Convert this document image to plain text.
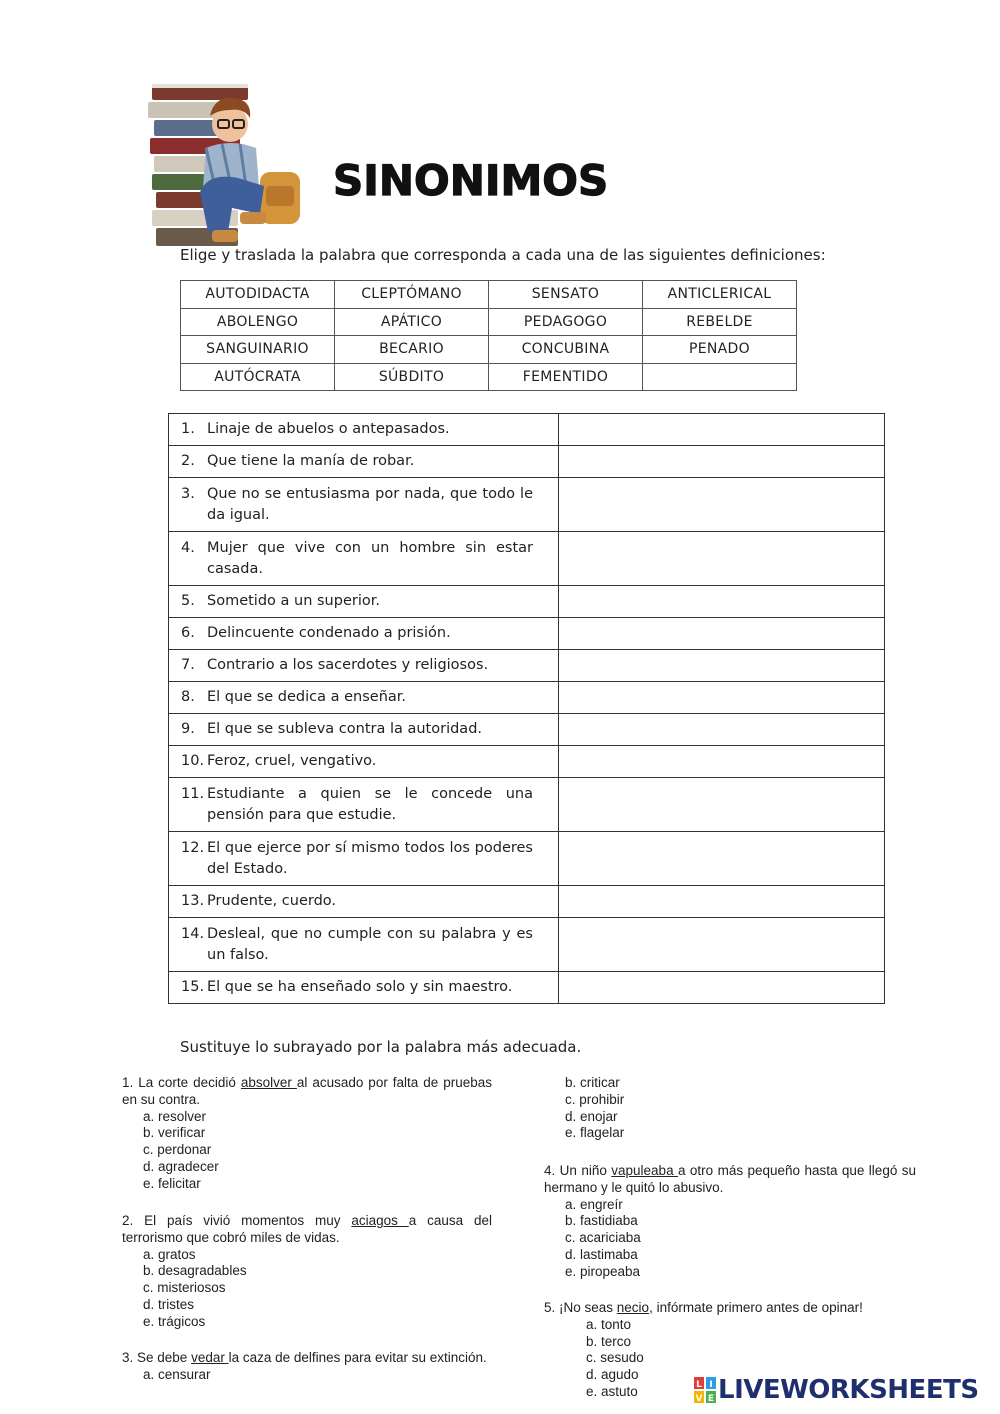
SINONIMOS
Elige y traslada la palabra que corresponda a cada una de las siguientes definiciones:
AUTODIDACTA	CLEPTÓMANO	SENSATO	ANTICLERICAL
ABOLENGO	APÁTICO	PEDAGOGO	REBELDE
SANGUINARIO	BECARIO	CONCUBINA	PENADO
AUTÓCRATA	SÚBDITO	FEMENTIDO	
1. Linaje de abuelos o antepasados.	
2. Que tiene la manía de robar.	
3. Que no se entusiasma por nada, que todo le da igual.	
4. Mujer que vive con un hombre sin estar casada.	
5. Sometido a un superior.	
6. Delincuente condenado a prisión.	
7. Contrario a los sacerdotes y religiosos.	
8. El que se dedica a enseñar.	
9. El que se subleva contra la autoridad.	
10. Feroz, cruel, vengativo.	
11. Estudiante a quien se le concede una pensión para que estudie.	
12. El que ejerce por sí mismo todos los poderes del Estado.	
13. Prudente, cuerdo.	
14. Desleal, que no cumple con su palabra y es un falso.	
15. El que se ha enseñado solo y sin maestro.	
Sustituye lo subrayado por la palabra más adecuada.
1. La corte decidió absolver al acusado por falta de pruebas en su contra.
a. resolver
b. verificar
c. perdonar
d. agradecer
e. felicitar
2. El país vivió momentos muy aciagos a causa del terrorismo que cobró miles de vidas.
a. gratos
b. desagradables
c. misteriosos
d. tristes
e. trágicos
3. Se debe vedar la caza de delfines para evitar su extinción.
a. censurar
b. criticar
c. prohibir
d. enojar
e. flagelar
4. Un niño vapuleaba a otro más pequeño hasta que llegó su hermano y le quitó lo abusivo.
a. engreír
b. fastidiaba
c. acariciaba
d. lastimaba
e. piropeaba
5. ¡No seas necio, infórmate primero antes de opinar!
a. tonto
b. terco
c. sesudo
d. agudo
e. astuto	L I
V E LIVEWORKSHEETS
